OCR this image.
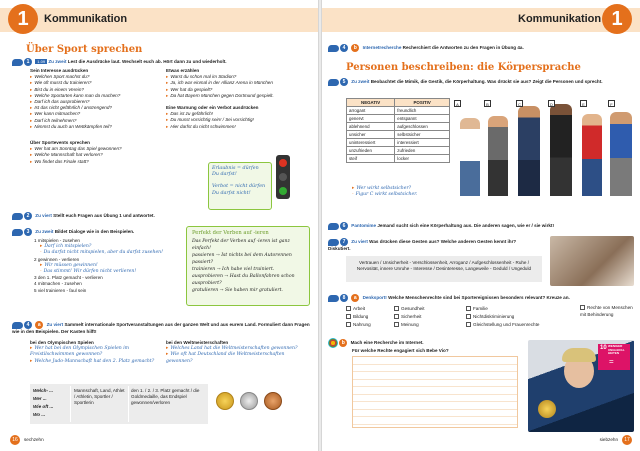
1	Kommunikation
Über Sport sprechen
1 1.09 Zu zweit Lest die Ausdrücke laut. Wechselt euch ab. Hört dann zu und wiederholt.
Sein Interesse ausdrücken
▸ Welchen Sport machst du?
▸ Wie oft musst du trainieren?
▸ Bist du in einem Verein?
▸ Welche Sportarten kann man da machen?
▸ Darf ich das ausprobieren?
▸ Ist das nicht gefährlich / anstrengend?
▸ Wer kann mitmachen?
▸ Darf ich teilnehmen?
▸ Nimmst du auch an Wettkämpfen teil?
Über Sportevents sprechen
▸ Wer hat am Sonntag das Spiel gewonnen?
▸ Welche Mannschaft hat verloren?
▸ Wo findet das Finale statt?
Etwas erzählen
▸ Warst du schon mal im Stadion?
▸ Ja, ich war einmal in der Allianz Arena in München
▸ Wer hat da gespielt?
▸ Da hat Bayern München gegen Dortmund gespielt.
Eine Warnung oder ein Verbot ausdrücken
▸ Das ist zu gefährlich!
▸ Du musst vorsichtig sein! / Sei vorsichtig!
▸ Hier darfst du nicht schwimmen!
Erlaubnis = dürfen
Du darfst!
Verbot = nicht dürfen
Du darfst nicht!
2 Zu viert Stellt euch Fragen aus Übung 1 und antwortet.
3 Zu zweit Bildet Dialoge wie in den Beispielen.
1 mitspielen - zusehen
▸ Darf ich mitspielen?
- Du darfst nicht mitspielen, aber du darfst zusehen!
2 gewinnen - verlieren
▸ Wir müssen gewinnen!
- Das stimmt! Wir dürfen nicht verlieren!
3 den 1. Platz gemacht - verlieren
4 mitmachen - zusehen
5 viel trainieren - faul sein
Perfekt der Verben auf -ieren
Das Perfekt der Verben auf -ieren ist ganz einfach!
passieren → Ist nichts bei dem Autorennen passiert?
trainieren → Ich habe viel trainiert.
ausprobieren → Hast du Ballonfahren schon ausprobiert?
gratulieren → Sie haben mir gratuliert.
4 a Zu viert Sammelt internationale Sportveranstaltungen aus der ganzen Welt und aus eurem Land. Formuliert dann Fragen wie in den Beispielen. Der Kasten hilft!
bei den Olympischen Spielen
▸ Wer hat bei den Olympischen Spielen im Freistilschwimmen gewonnen?
▸ Welche Judo-Mannschaft hat den 2. Platz gemacht?
bei den Weltmeisterschaften
▸ Welches Land hat die Weltmeisterschaften gewonnen?
▸ Wie oft hat Deutschland die Weltmeisterschaften gewonnen?
Welch- ...
Wer ...
Wie oft ...
Wo ...
Mannschaft, Land, Athlet / Athletin, Sportler / Sportlerin
den 1. / 2. / 3. Platz gemacht / die Goldmedaille, das Endspiel gewonnen/verloren
16	sechzehn
Kommunikation 1
4 b Internetrecherche Recherchiert die Antworten zu den Fragen in Übung 4a.
Personen beschreiben: die Körpersprache
5 Zu zweit Beobachtet die Mimik, die Gestik, die Körperhaltung. Was drückt sie aus? Zeigt die Personen und sprecht.
NEGATIV	POSITIV
arrogant	freundlich
genervt	entspannt
ablehnend	aufgeschlossen
unsicher	selbstsicher
uninteressiert	interessiert
unzufrieden	zufrieden
steif	locker
▸ Wer wirkt selbstsicher?
- Figur C wirkt selbstsicher.
A	B	C	D	E	F
6 Pantomime Jemand sucht sich eine Körperhaltung aus. Die anderen sagen, wie er / sie wirkt!
7 Zu viert Was drücken diese Gesten aus? Welche anderen Gesten kennt ihr? Diskutiert.
Vertrauen / Unsicherheit - Verschlossenheit, Arroganz / Aufgeschlossenheit - Ruhe / Nervosität, innere Unruhe - Interesse / Desinteresse, Langeweile - Geduld / Ungeduld
8 a Denksport! Welche Menschenrechte sind bei Sportereignissen besonders relevant? Kreuze an.
Arbeit	Gesundheit	Familie
Bildung	Sicherheit	Nichtdiskriminierung
Nahrung	Meinung	Gleichstellung und Frauenrechte
Rechte von Menschen mit Behinderung
b Mach eine Recherche im Internet.
Für welche Rechte engagiert sich Bebe Vio?	10 WENIGER UNGLEICH-HEITEN
=
siebzehn	17
